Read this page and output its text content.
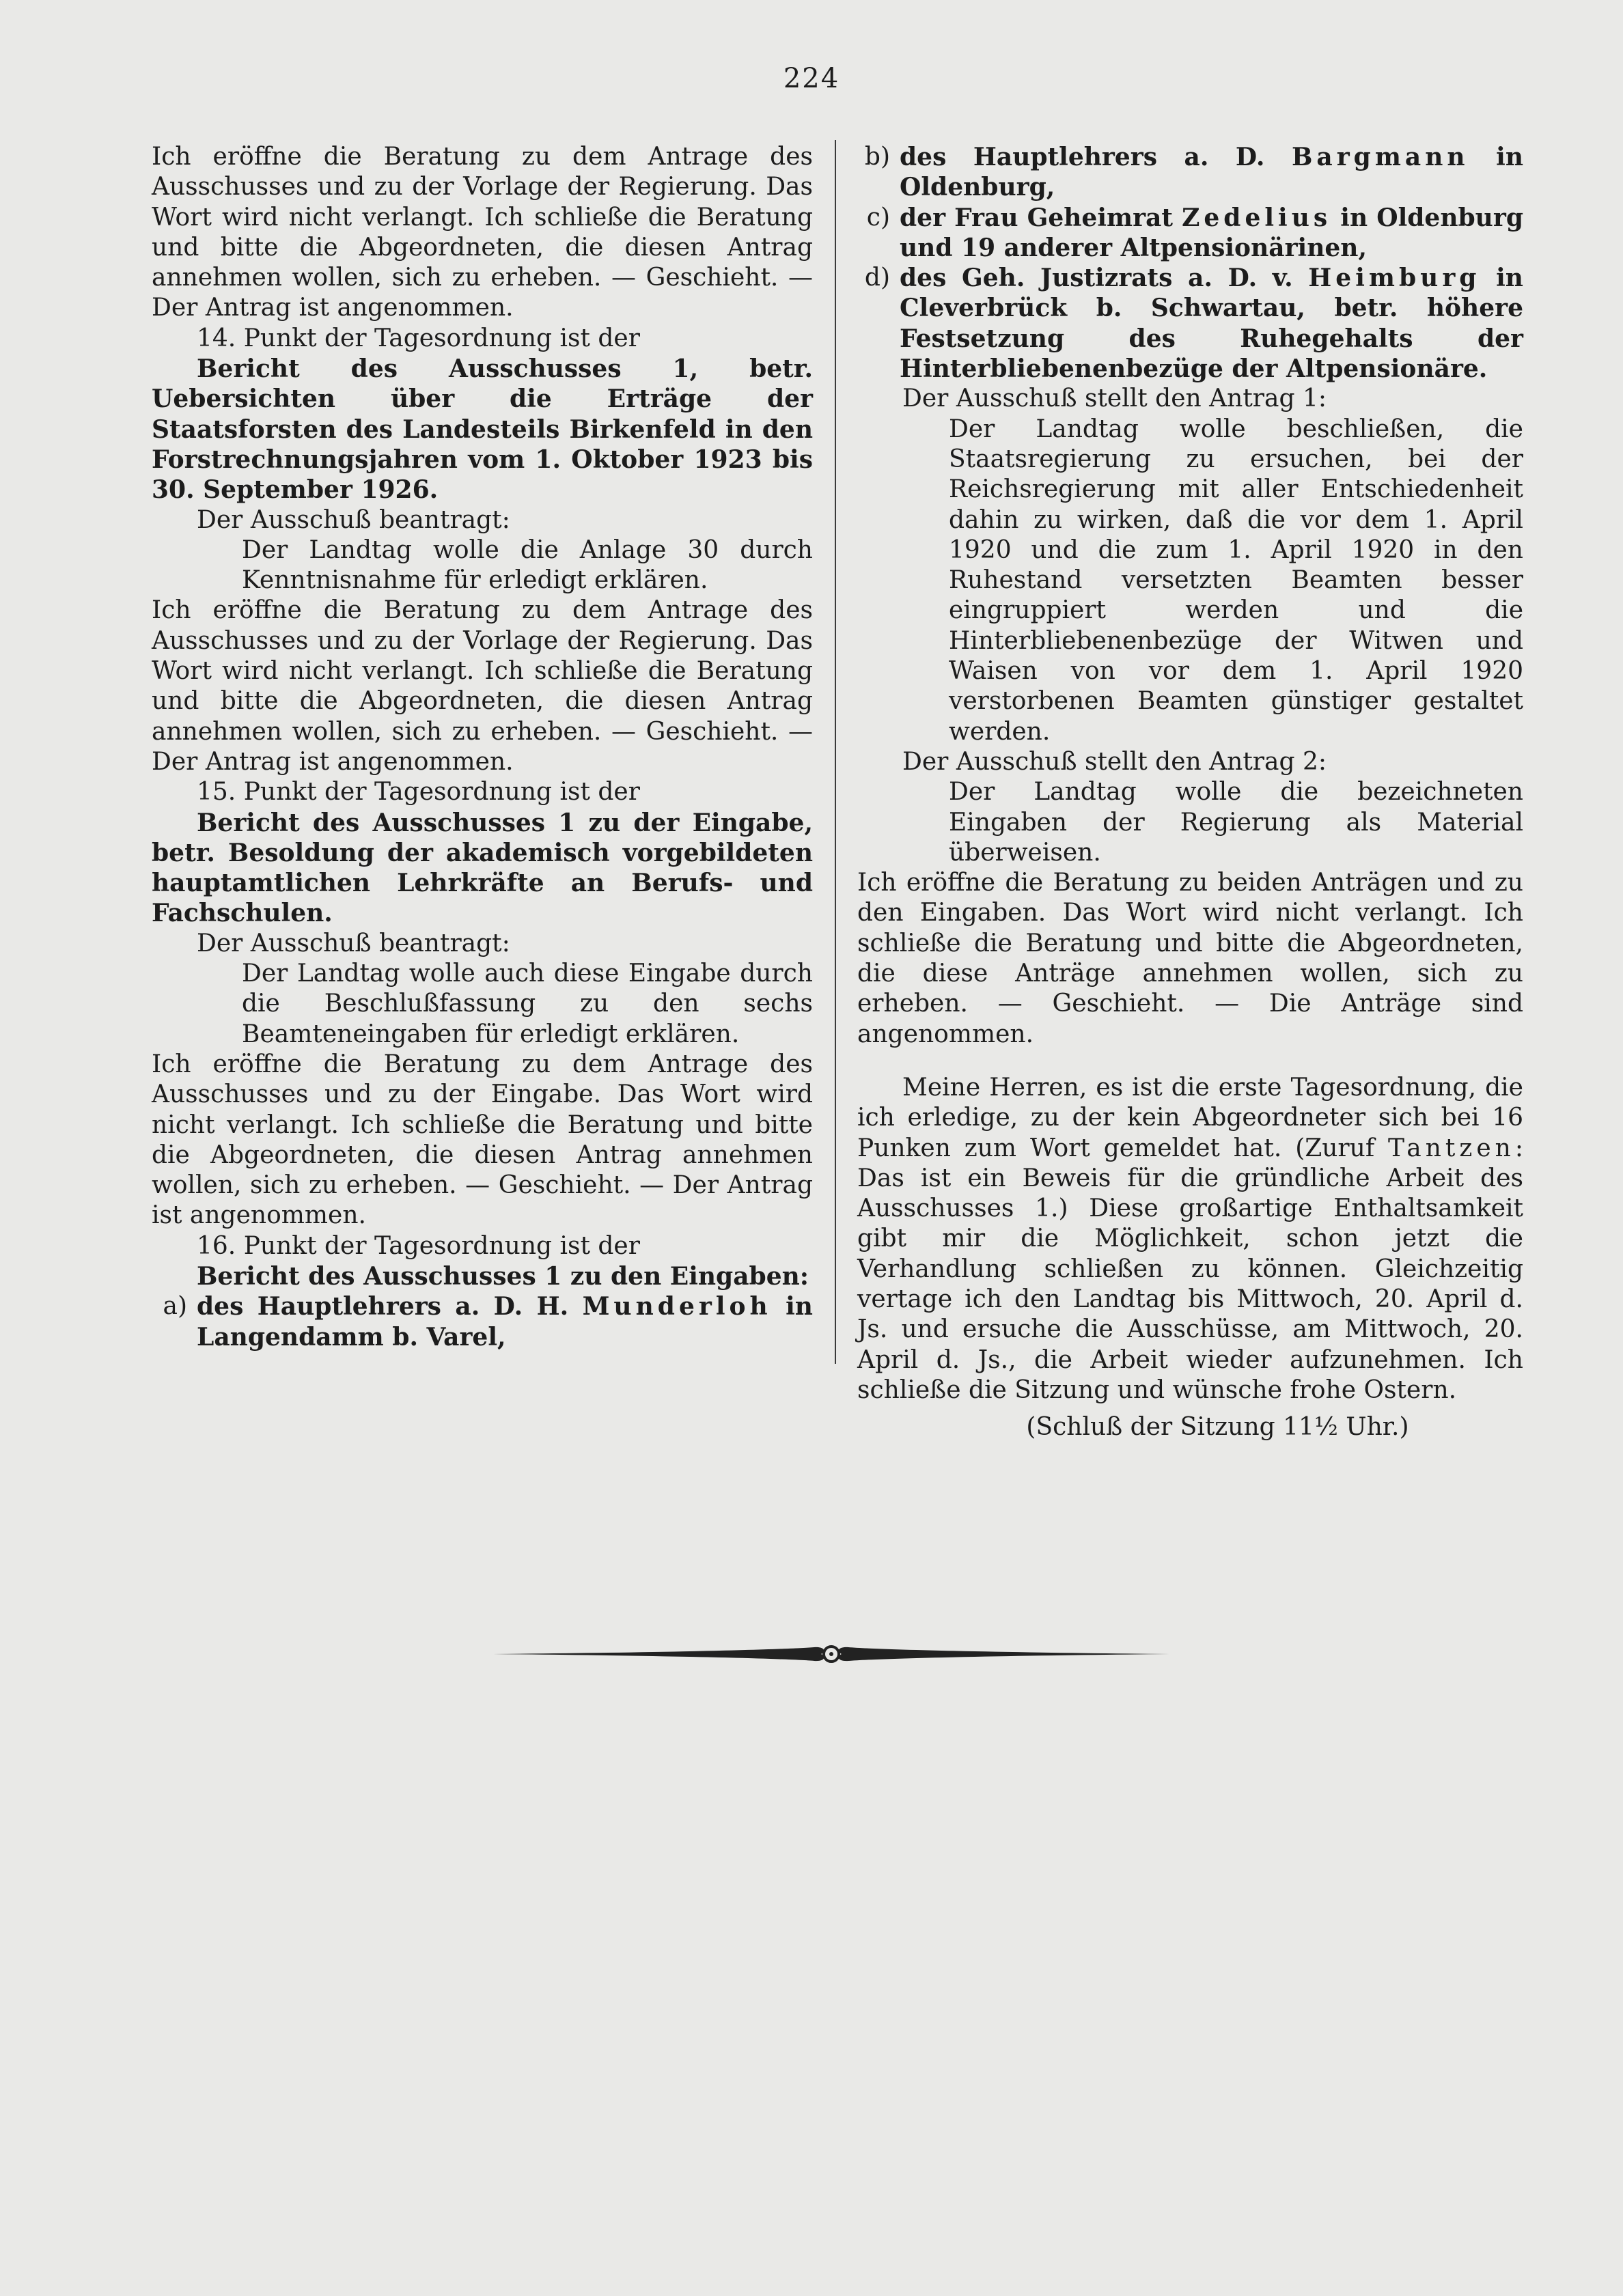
224

Ich eröffne die Beratung zu dem Antrage des Ausschusses und zu der Vorlage der Regierung. Das Wort wird nicht verlangt. Ich schließe die Beratung und bitte die Abgeordneten, die diesen Antrag annehmen wollen, sich zu erheben. — Geschieht. — Der Antrag ist angenommen.

14. Punkt der Tagesordnung ist der

Bericht des Ausschusses 1, betr. Uebersichten über die Erträge der Staatsforsten des Landesteils Birkenfeld in den Forstrechnungsjahren vom 1. Oktober 1923 bis 30. September 1926.

Der Ausschuß beantragt:

Der Landtag wolle die Anlage 30 durch Kenntnisnahme für erledigt erklären.

Ich eröffne die Beratung zu dem Antrage des Ausschusses und zu der Vorlage der Regierung. Das Wort wird nicht verlangt. Ich schließe die Beratung und bitte die Abgeordneten, die diesen Antrag annehmen wollen, sich zu erheben. — Geschieht. — Der Antrag ist angenommen.

15. Punkt der Tagesordnung ist der

Bericht des Ausschusses 1 zu der Eingabe, betr. Besoldung der akademisch vorgebildeten hauptamtlichen Lehrkräfte an Berufs- und Fachschulen.

Der Ausschuß beantragt:

Der Landtag wolle auch diese Eingabe durch die Beschlußfassung zu den sechs Beamteneingaben für erledigt erklären.

Ich eröffne die Beratung zu dem Antrage des Ausschusses und zu der Eingabe. Das Wort wird nicht verlangt. Ich schließe die Beratung und bitte die Abgeordneten, die diesen Antrag annehmen wollen, sich zu erheben. — Geschieht. — Der Antrag ist angenommen.

16. Punkt der Tagesordnung ist der

Bericht des Ausschusses 1 zu den Eingaben:

a) des Hauptlehrers a. D. H. Munderloh in Langendamm b. Varel,
b) des Hauptlehrers a. D. Bargmann in Oldenburg,
c) der Frau Geheimrat Zedelius in Oldenburg und 19 anderer Altpensionärinen,
d) des Geh. Justizrats a. D. v. Heimburg in Cleverbrück b. Schwartau, betr. höhere Festsetzung des Ruhegehalts der Hinterbliebenenbezüge der Altpensionäre.

Der Ausschuß stellt den Antrag 1:

Der Landtag wolle beschließen, die Staatsregierung zu ersuchen, bei der Reichsregierung mit aller Entschiedenheit dahin zu wirken, daß die vor dem 1. April 1920 und die zum 1. April 1920 in den Ruhestand versetzten Beamten besser eingruppiert werden und die Hinterbliebenenbezüge der Witwen und Waisen von vor dem 1. April 1920 verstorbenen Beamten günstiger gestaltet werden.

Der Ausschuß stellt den Antrag 2:

Der Landtag wolle die bezeichneten Eingaben der Regierung als Material überweisen.

Ich eröffne die Beratung zu beiden Anträgen und zu den Eingaben. Das Wort wird nicht verlangt. Ich schließe die Beratung und bitte die Abgeordneten, die diese Anträge annehmen wollen, sich zu erheben. — Geschieht. — Die Anträge sind angenommen.

Meine Herren, es ist die erste Tagesordnung, die ich erledige, zu der kein Abgeordneter sich bei 16 Punken zum Wort gemeldet hat. (Zuruf Tantzen: Das ist ein Beweis für die gründliche Arbeit des Ausschusses 1.) Diese großartige Enthaltsamkeit gibt mir die Möglichkeit, schon jetzt die Verhandlung schließen zu können. Gleichzeitig vertage ich den Landtag bis Mittwoch, 20. April d. Js. und ersuche die Ausschüsse, am Mittwoch, 20. April d. Js., die Arbeit wieder aufzunehmen. Ich schließe die Sitzung und wünsche frohe Ostern.

(Schluß der Sitzung 11½ Uhr.)
